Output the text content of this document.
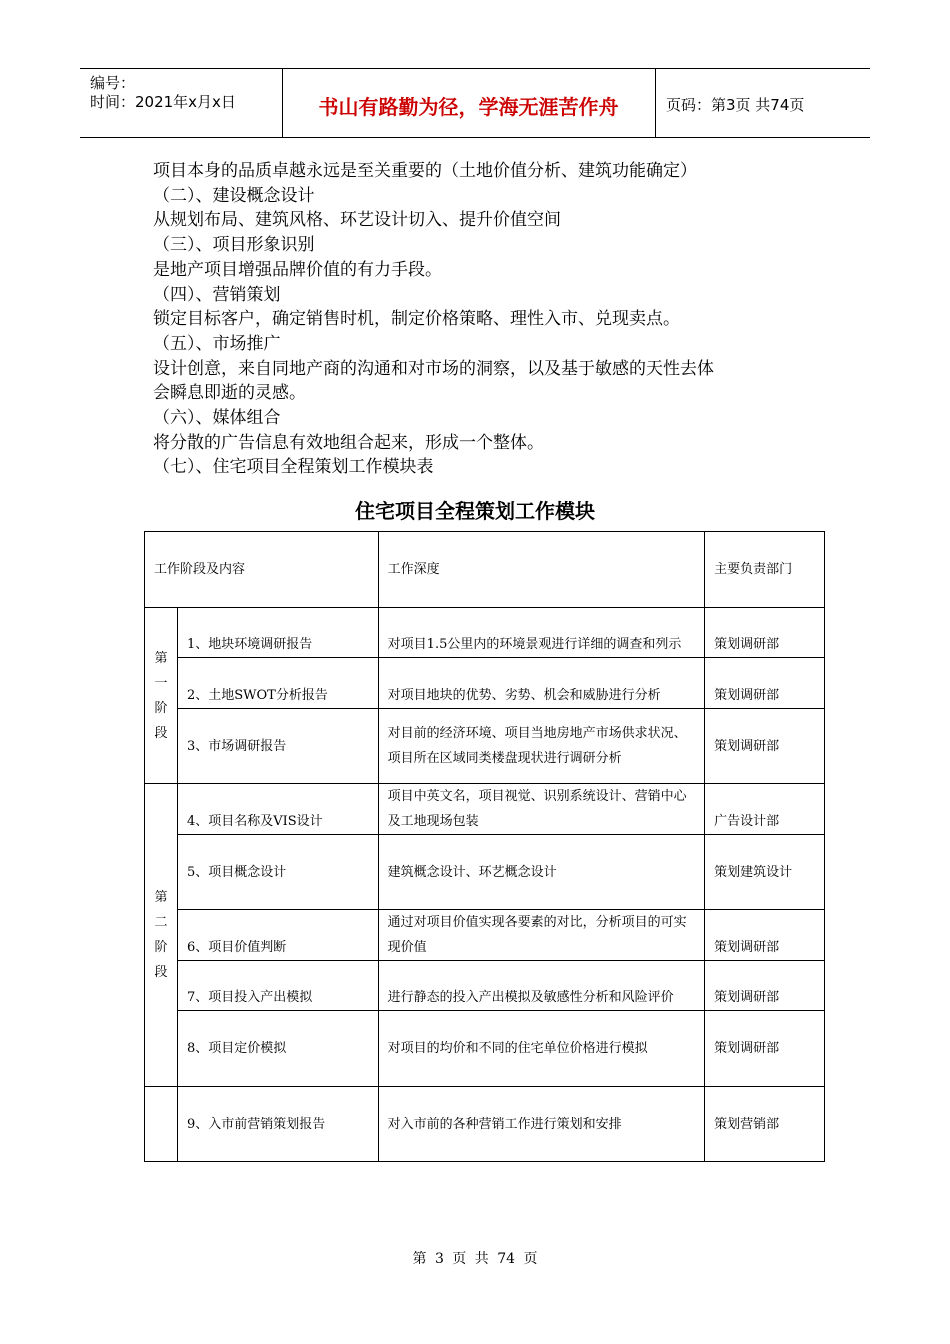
编号：
时间：2021年x月x日	书山有路勤为径，学海无涯苦作舟	页码：第3页 共74页

项目本身的品质卓越永远是至关重要的（土地价值分析、建筑功能确定）

（二）、建设概念设计

从规划布局、建筑风格、环艺设计切入、提升价值空间

（三）、项目形象识别

是地产项目增强品牌价值的有力手段。

（四）、营销策划

锁定目标客户，确定销售时机，制定价格策略、理性入市、兑现卖点。

（五）、市场推广

设计创意，来自同地产商的沟通和对市场的洞察，以及基于敏感的天性去体

会瞬息即逝的灵感。

（六）、媒体组合

将分散的广告信息有效地组合起来，形成一个整体。

（七）、住宅项目全程策划工作模块表

住宅项目全程策划工作模块
工作阶段及内容		工作深度	主要负责部门
第一阶段	1、地块环境调研报告	对项目1.5公里内的环境景观进行详细的调查和列示	策划调研部
	2、土地SWOT分析报告	对项目地块的优势、劣势、机会和威胁进行分析	策划调研部
	3、市场调研报告	对目前的经济环境、项目当地房地产市场供求状况、项目所在区域同类楼盘现状进行调研分析	策划调研部
第二阶段	4、项目名称及VIS设计	项目中英文名，项目视觉、识别系统设计、营销中心及工地现场包装	广告设计部
	5、项目概念设计	建筑概念设计、环艺概念设计	策划建筑设计
	6、项目价值判断	通过对项目价值实现各要素的对比，分析项目的可实现价值	策划调研部
	7、项目投入产出模拟	进行静态的投入产出模拟及敏感性分析和风险评价	策划调研部
	8、项目定价模拟	对项目的均价和不同的住宅单位价格进行模拟	策划调研部
	9、入市前营销策划报告	对入市前的各种营销工作进行策划和安排	策划营销部
第 3 页 共 74 页
